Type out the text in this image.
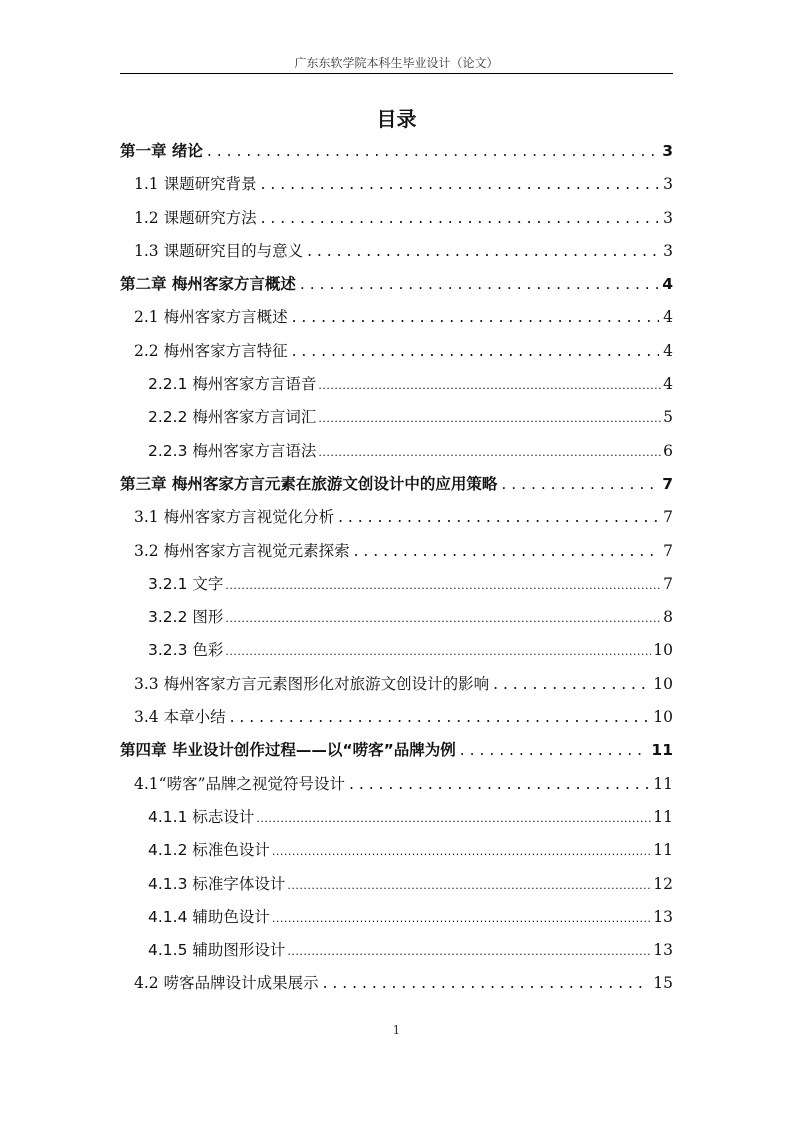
广东东软学院本科生毕业设计（论文）
目录
第一章 绪论 . . .	3
1.1 课题研究背景 . . .	3
1.2 课题研究方法 . . .	3
1.3 课题研究目的与意义 . . .	3
第二章 梅州客家方言概述 . . .	4
2.1 梅州客家方言概述 . . .	4
2.2 梅州客家方言特征 . . .	4
2.2.1 梅州客家方言语音 .....	4
2.2.2 梅州客家方言词汇 .....	5
2.2.3 梅州客家方言语法 .....	6
第三章 梅州客家方言元素在旅游文创设计中的应用策略 . . .	7
3.1 梅州客家方言视觉化分析 . . .	7
3.2 梅州客家方言视觉元素探索 . . .	7
3.2.1 文字 .....	7
3.2.2 图形 .....	8
3.2.3 色彩 .....	10
3.3 梅州客家方言元素图形化对旅游文创设计的影响 . . .	10
3.4 本章小结 . . .	10
第四章 毕业设计创作过程——以“唠客”品牌为例 . . .	11
4.1“唠客”品牌之视觉符号设计 . . .	11
4.1.1 标志设计 .....	11
4.1.2 标准色设计 .....	11
4.1.3 标准字体设计 .....	12
4.1.4 辅助色设计 .....	13
4.1.5 辅助图形设计 .....	13
4.2 唠客品牌设计成果展示 . . .	15
1
